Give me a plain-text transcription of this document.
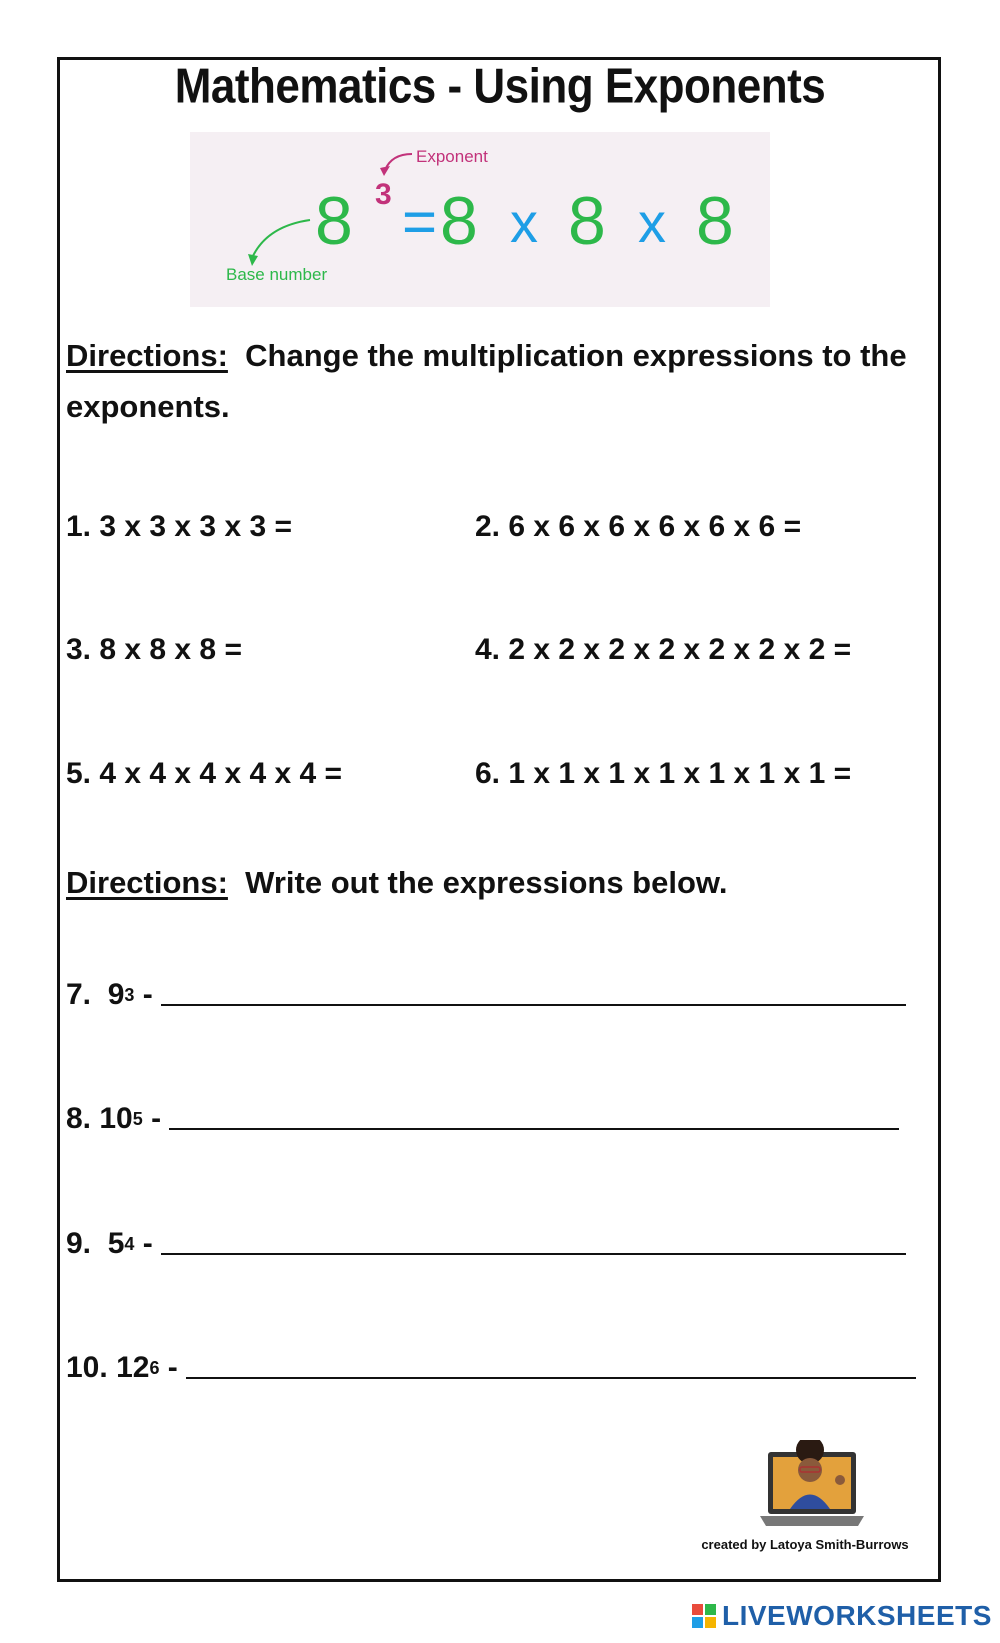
Mathematics - Using Exponents
Exponent
Base number
8 3 = 8 x 8 x 8
Directions: Change the multiplication expressions to the exponents.
1. 3 x 3 x 3 x 3 =	2. 6 x 6 x 6 x 6 x 6 x 6 =
3. 8 x 8 x 8 =	4. 2 x 2 x 2 x 2 x 2 x 2 x 2 =
5. 4 x 4 x 4 x 4 x 4 =	6. 1 x 1 x 1 x 1 x 1 x 1 x 1 =
Directions: Write out the expressions below.
7.
$9^3$ -
8.
$10^5$ -
9.
$5^4$ -
10.
$12^6$ -
created by Latoya Smith-Burrows
LIVEWORKSHEETS
